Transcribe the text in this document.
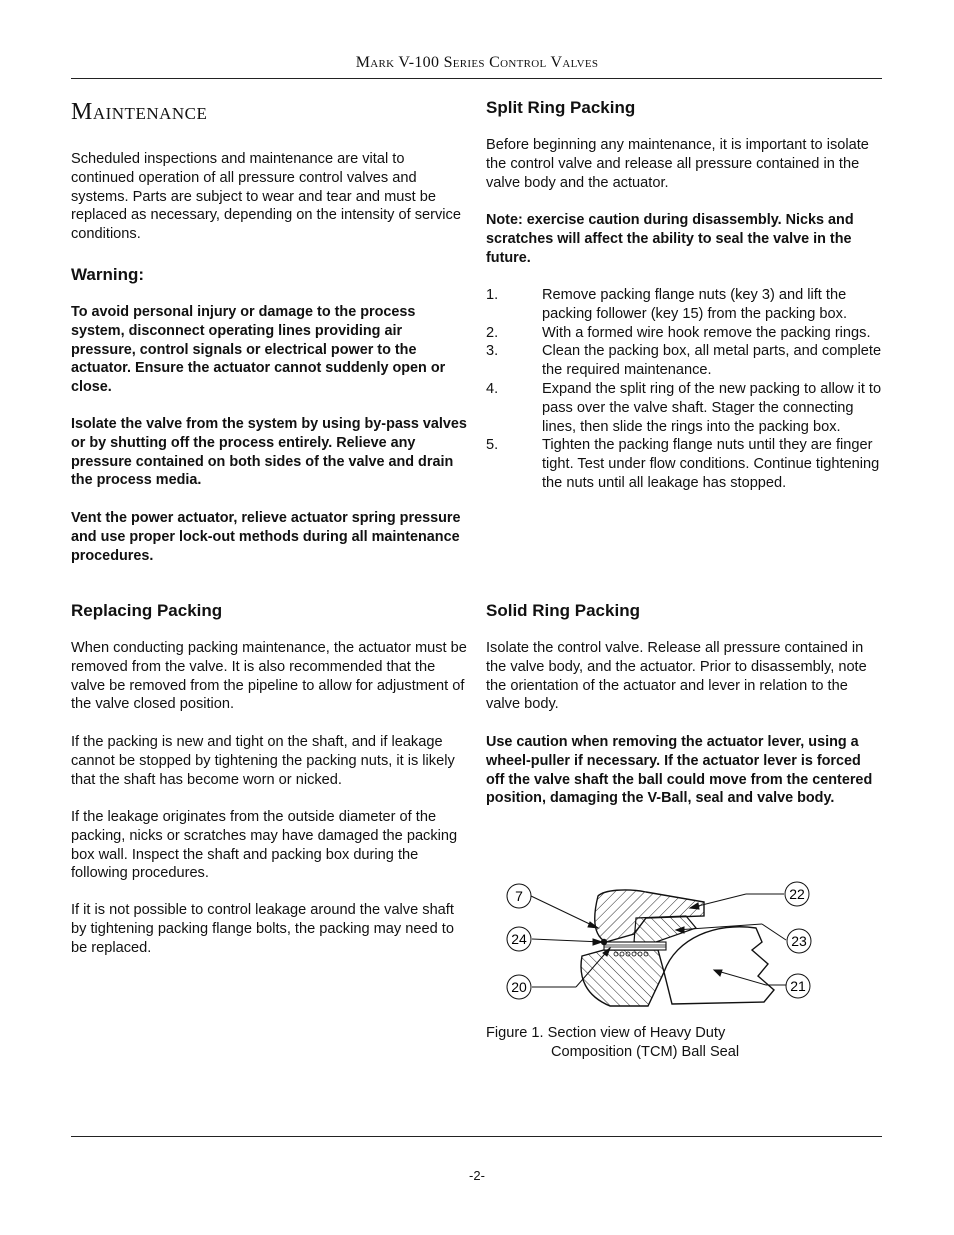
Mark V-100 Series Control Valves
Maintenance

Scheduled inspections and maintenance are vital to continued operation of all pressure control valves and systems. Parts are subject to wear and tear and must be replaced as necessary, depending on the intensity of service conditions.

Warning:

To avoid personal injury or damage to the process system, disconnect operating lines providing air pressure, control signals or electrical power to the actuator. Ensure the actuator cannot suddenly open or close.

Isolate the valve from the system by using by-pass valves or by shutting off the process entirely. Relieve any pressure contained on both sides of the valve and drain the process media.

Vent the power actuator, relieve actuator spring pressure and use proper lock-out methods during all maintenance procedures.

Replacing Packing

When conducting packing maintenance, the actuator must be removed from the valve. It is also recommended that the valve be removed from the pipeline to allow for adjustment of the valve closed position.

If the packing is new and tight on the shaft, and if leakage cannot be stopped by tightening the packing nuts, it is likely that the shaft has become worn or nicked.

If the leakage originates from the outside diameter of the packing, nicks or scratches may have damaged the packing box wall. Inspect the shaft and packing box during the following procedures.

If it is not possible to control leakage around the valve shaft by tightening packing flange bolts, the packing may need to be replaced.

Split Ring Packing

Before beginning any maintenance, it is important to isolate the control valve and release all pressure contained in the valve body and the actuator.

Note: exercise caution during disassembly. Nicks and scratches will affect the ability to seal the valve in the future.

1.	Remove packing flange nuts (key 3) and lift the packing follower (key 15) from the packing box.
2.	With a formed wire hook remove the packing rings.
3.	Clean the packing box, all metal parts, and complete the required maintenance.
4.	Expand the split ring of the new packing to allow it to pass over the valve shaft. Stager the connecting lines, then slide the rings into the packing box.
5.	Tighten the packing flange nuts until they are finger tight. Test under flow conditions. Continue tightening the nuts until all leakage has stopped.
Solid Ring Packing

Isolate the control valve. Release all pressure contained in the valve body, and the actuator. Prior to disassembly, note the orientation of the actuator and lever in relation to the valve body.

Use caution when removing the actuator lever, using a wheel-puller if necessary. If the actuator lever is forced off the valve shaft the ball could move from the centered position, damaging the V-Ball, seal and valve body.

7
24
20
22
23
21
Figure 1. Section view of Heavy Duty
Composition (TCM) Ball Seal
-2-
